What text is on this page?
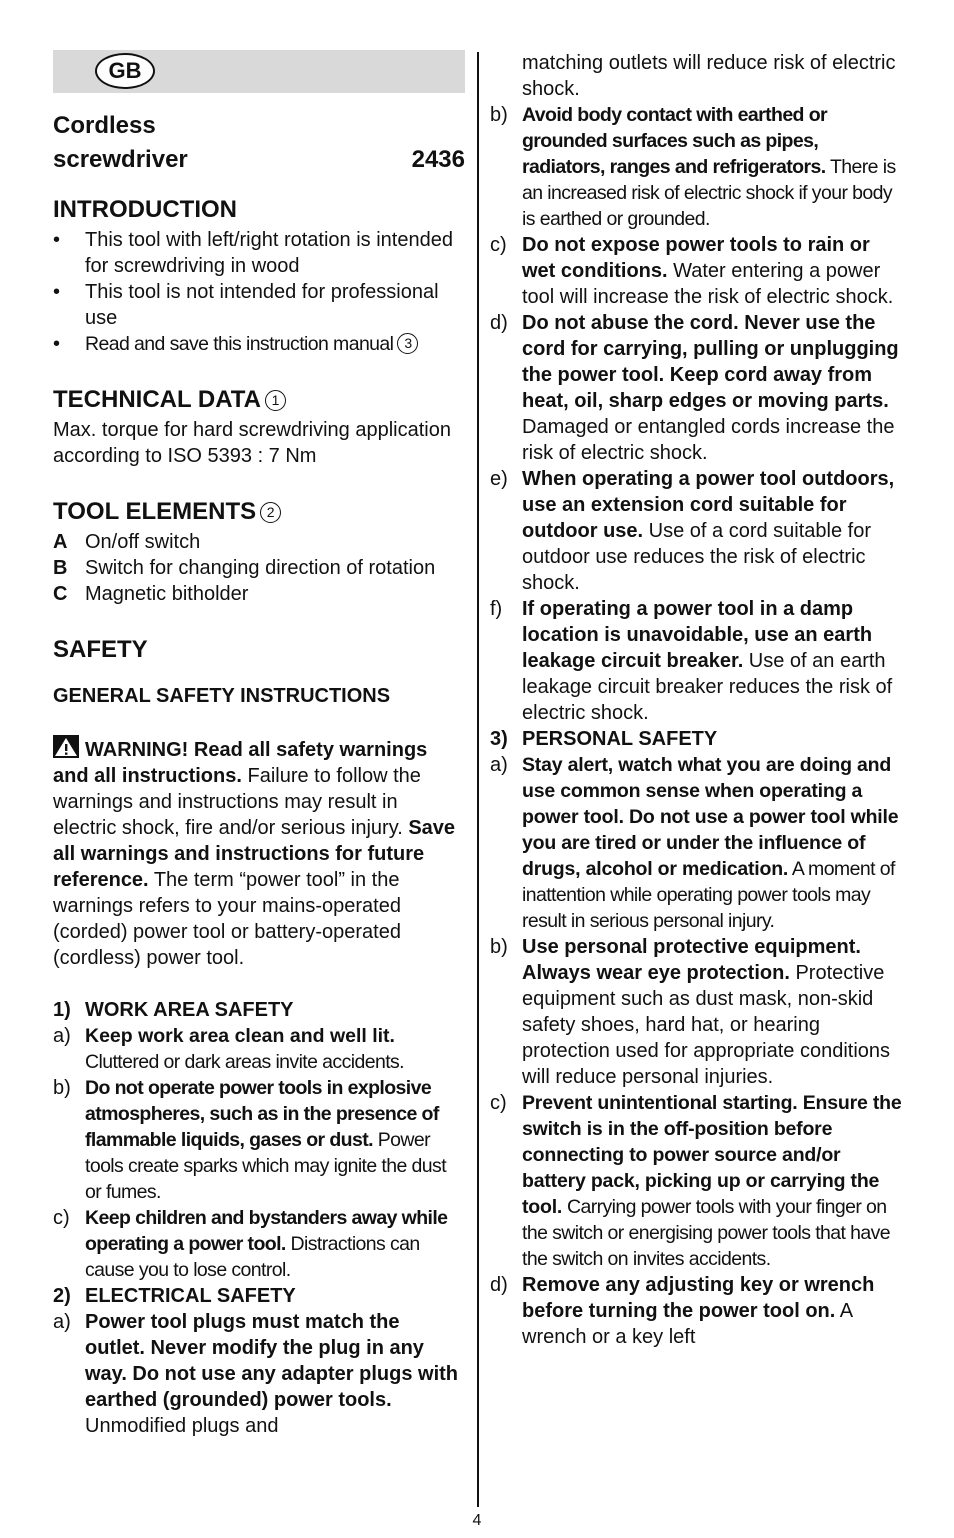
GB
Cordless
screwdriver	2436
INTRODUCTION
•	This tool with left/right rotation is intended for screwdriving in wood
•	This tool is not intended for professional use
•	Read and save this instruction manual 3
TECHNICAL DATA 1
Max. torque for hard screwdriving application according to ISO 5393 : 7 Nm
TOOL ELEMENTS 2
A On/off switch
B Switch for changing direction of rotation
C Magnetic bitholder
SAFETY
GENERAL SAFETY INSTRUCTIONS
WARNING! Read all safety warnings and all instructions. Failure to follow the warnings and instructions may result in electric shock, fire and/or serious injury. Save all warnings and instructions for future reference. The term “power tool” in the warnings refers to your mains-operated (corded) power tool or battery-operated (cordless) power tool.
1) WORK AREA SAFETY
a) Keep work area clean and well lit. Cluttered or dark areas invite accidents.
b) Do not operate power tools in explosive atmospheres, such as in the presence of flammable liquids, gases or dust. Power tools create sparks which may ignite the dust or fumes.
c) Keep children and bystanders away while operating a power tool. Distractions can cause you to lose control.
2) ELECTRICAL SAFETY
a) Power tool plugs must match the outlet. Never modify the plug in any way. Do not use any adapter plugs with earthed (grounded) power tools. Unmodified plugs and
matching outlets will reduce risk of electric shock.
b) Avoid body contact with earthed or grounded surfaces such as pipes, radiators, ranges and refrigerators. There is an increased risk of electric shock if your body is earthed or grounded.
c) Do not expose power tools to rain or wet conditions. Water entering a power tool will increase the risk of electric shock.
d) Do not abuse the cord. Never use the cord for carrying, pulling or unplugging the power tool. Keep cord away from heat, oil, sharp edges or moving parts. Damaged or entangled cords increase the risk of electric shock.
e) When operating a power tool outdoors, use an extension cord suitable for outdoor use. Use of a cord suitable for outdoor use reduces the risk of electric shock.
f) If operating a power tool in a damp location is unavoidable, use an earth leakage circuit breaker. Use of an earth leakage circuit breaker reduces the risk of electric shock.
3) PERSONAL SAFETY
a) Stay alert, watch what you are doing and use common sense when operating a power tool. Do not use a power tool while you are tired or under the influence of drugs, alcohol or medication. A moment of inattention while operating power tools may result in serious personal injury.
b) Use personal protective equipment. Always wear eye protection. Protective equipment such as dust mask, non-skid safety shoes, hard hat, or hearing protection used for appropriate conditions will reduce personal injuries.
c) Prevent unintentional starting. Ensure the switch is in the off-position before connecting to power source and/or battery pack, picking up or carrying the tool. Carrying power tools with your finger on the switch or energising power tools that have the switch on invites accidents.
d) Remove any adjusting key or wrench before turning the power tool on. A wrench or a key left
4
